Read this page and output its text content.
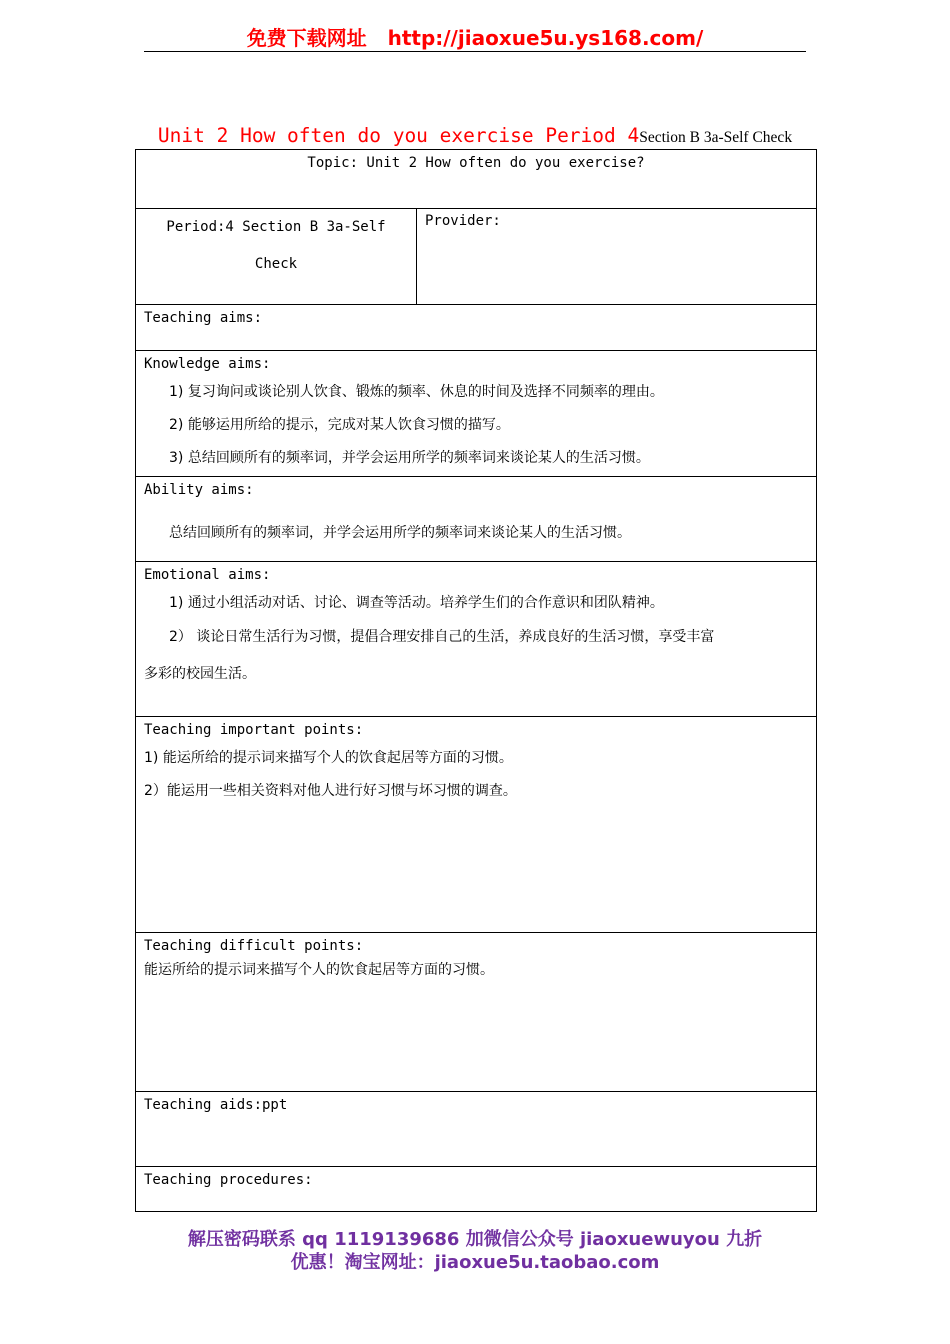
免费下载网址 http://jiaoxue5u.ys168.com/
Unit 2 How often do you exercise Period 4Section B 3a-Self Check
Topic: Unit 2 How often do you exercise?

Period:4 Section B 3a-Self
Check

Provider:

Teaching aims:

Knowledge aims:
1) 复习询问或谈论别人饮食、锻炼的频率、休息的时间及选择不同频率的理由。
2) 能够运用所给的提示，完成对某人饮食习惯的描写。
3) 总结回顾所有的频率词，并学会运用所学的频率词来谈论某人的生活习惯。

Ability aims:
总结回顾所有的频率词，并学会运用所学的频率词来谈论某人的生活习惯。

Emotional aims:
1) 通过小组活动对话、讨论、调查等活动。培养学生们的合作意识和团队精神。
2） 谈论日常生活行为习惯，提倡合理安排自己的生活，养成良好的生活习惯，享受丰富
多彩的校园生活。

Teaching important points:
1) 能运所给的提示词来描写个人的饮食起居等方面的习惯。
2）能运用一些相关资料对他人进行好习惯与坏习惯的调查。

Teaching difficult points:
能运所给的提示词来描写个人的饮食起居等方面的习惯。

Teaching aids:ppt

Teaching procedures:
解压密码联系 qq 1119139686 加微信公众号 jiaoxuewuyou 九折
优惠！淘宝网址：jiaoxue5u.taobao.com
